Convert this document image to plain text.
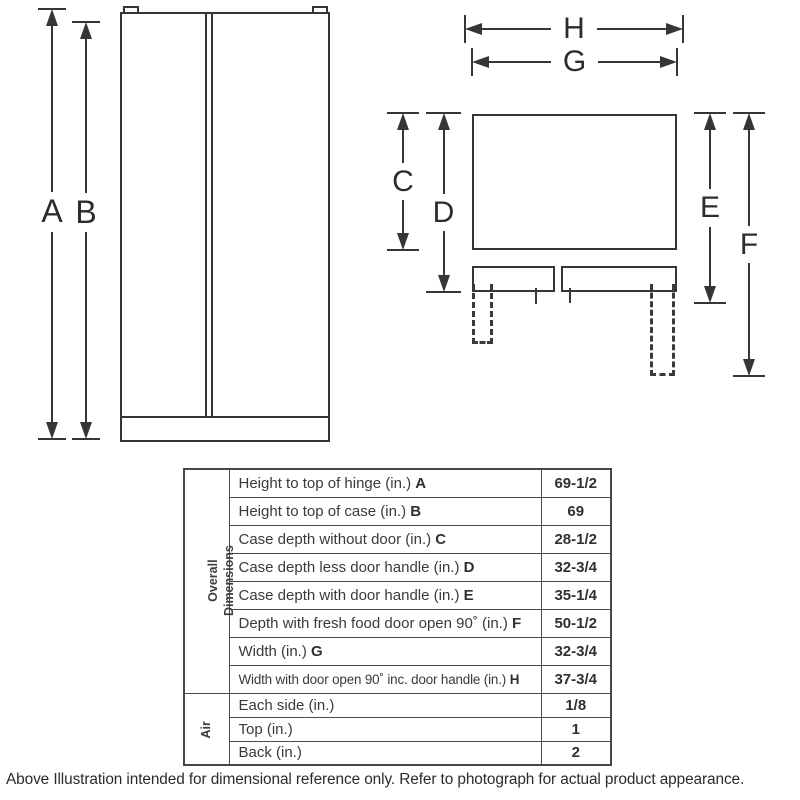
A B
H
G
C
D	E
F
Overall Dimensions	Height to top of hinge (in.) A	69-1/2
	Height to top of case (in.) B	69
	Case depth without door (in.) C	28-1/2
	Case depth less door handle (in.) D	32-3/4
	Case depth with door handle (in.) E	35-1/4
	Depth with fresh food door open 90˚ (in.) F	50-1/2
	Width (in.) G	32-3/4
	Width with door open 90˚ inc. door handle (in.) H	37-3/4

Air	Each side (in.)	1/8
	Top (in.)	1
	Back (in.)	2
Above Illustration intended for dimensional reference only. Refer to photograph for actual product appearance.
